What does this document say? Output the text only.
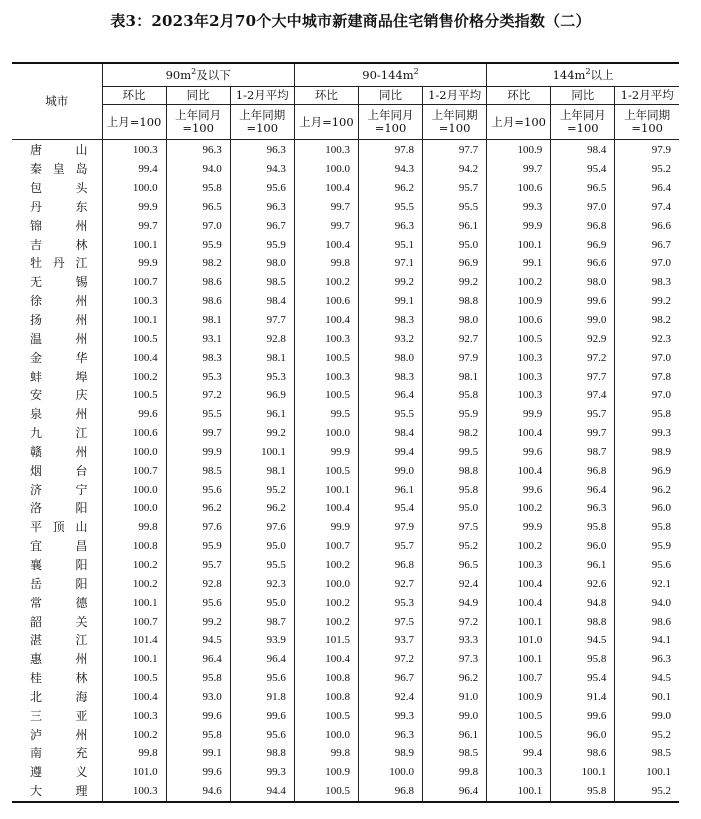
表3：2023年2月70个大中城市新建商品住宅销售价格分类指数（二）
城市	$90m^2$及以下			$90-144m^2$			$144m^2$以上		
	环比	同比	1-2月平均	环比	同比	1-2月平均	环比	同比	1-2月平均
	上月=100	上年同月=100	上年同期=100	上月=100	上年同月=100	上年同期=100	上月=100	上年同月=100	上年同期=100
唐山	100.3	96.3	96.3	100.3	97.8	97.7	100.9	98.4	97.9
秦皇岛	99.4	94.0	94.3	100.0	94.3	94.2	99.7	95.4	95.2
包头	100.0	95.8	95.6	100.4	96.2	95.7	100.6	96.5	96.4
丹东	99.9	96.5	96.3	99.7	95.5	95.5	99.3	97.0	97.4
锦州	99.7	97.0	96.7	99.7	96.3	96.1	99.9	96.8	96.6
吉林	100.1	95.9	95.9	100.4	95.1	95.0	100.1	96.9	96.7
牡丹江	99.9	98.2	98.0	99.8	97.1	96.9	99.1	96.6	97.0
无锡	100.7	98.6	98.5	100.2	99.2	99.2	100.2	98.0	98.3
徐州	100.3	98.6	98.4	100.6	99.1	98.8	100.9	99.6	99.2
扬州	100.1	98.1	97.7	100.4	98.3	98.0	100.6	99.0	98.2
温州	100.5	93.1	92.8	100.3	93.2	92.7	100.5	92.9	92.3
金华	100.4	98.3	98.1	100.5	98.0	97.9	100.3	97.2	97.0
蚌埠	100.2	95.3	95.3	100.3	98.3	98.1	100.3	97.7	97.8
安庆	100.5	97.2	96.9	100.5	96.4	95.8	100.3	97.4	97.0
泉州	99.6	95.5	96.1	99.5	95.5	95.9	99.9	95.7	95.8
九江	100.6	99.7	99.2	100.0	98.4	98.2	100.4	99.7	99.3
赣州	100.0	99.9	100.1	99.9	99.4	99.5	99.6	98.7	98.9
烟台	100.7	98.5	98.1	100.5	99.0	98.8	100.4	96.8	96.9
济宁	100.0	95.6	95.2	100.1	96.1	95.8	99.6	96.4	96.2
洛阳	100.0	96.2	96.2	100.4	95.4	95.0	100.2	96.3	96.0
平顶山	99.8	97.6	97.6	99.9	97.9	97.5	99.9	95.8	95.8
宜昌	100.8	95.9	95.0	100.7	95.7	95.2	100.2	96.0	95.9
襄阳	100.2	95.7	95.5	100.2	96.8	96.5	100.3	96.1	95.6
岳阳	100.2	92.8	92.3	100.0	92.7	92.4	100.4	92.6	92.1
常德	100.1	95.6	95.0	100.2	95.3	94.9	100.4	94.8	94.0
韶关	100.7	99.2	98.7	100.2	97.5	97.2	100.1	98.8	98.6
湛江	101.4	94.5	93.9	101.5	93.7	93.3	101.0	94.5	94.1
惠州	100.1	96.4	96.4	100.4	97.2	97.3	100.1	95.8	96.3
桂林	100.5	95.8	95.6	100.8	96.7	96.2	100.7	95.4	94.5
北海	100.4	93.0	91.8	100.8	92.4	91.0	100.9	91.4	90.1
三亚	100.3	99.6	99.6	100.5	99.3	99.0	100.5	99.6	99.0
泸州	100.2	95.8	95.6	100.0	96.3	96.1	100.5	96.0	95.2
南充	99.8	99.1	98.8	99.8	98.9	98.5	99.4	98.6	98.5
遵义	101.0	99.6	99.3	100.9	100.0	99.8	100.3	100.1	100.1
大理	100.3	94.6	94.4	100.5	96.8	96.4	100.1	95.8	95.2
